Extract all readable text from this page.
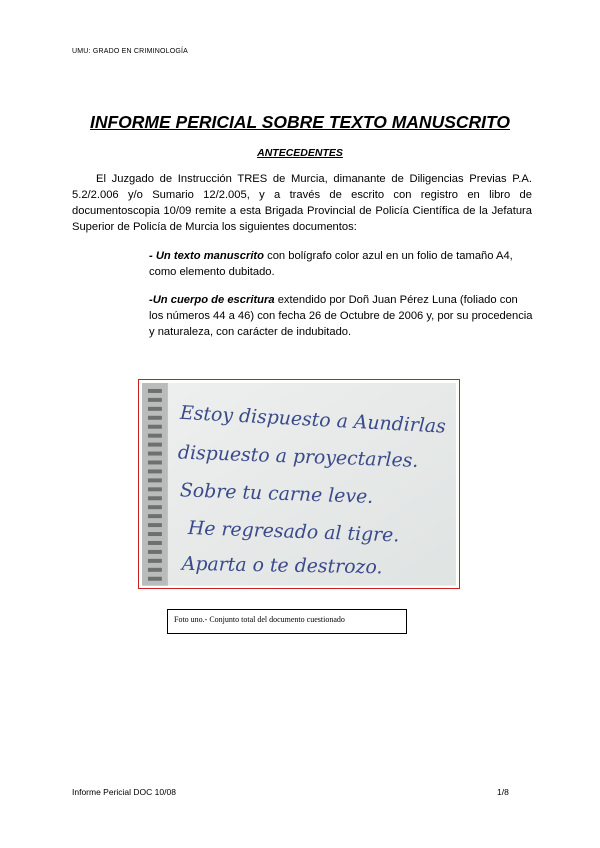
UMU: GRADO EN CRIMINOLOGÍA
INFORME PERICIAL SOBRE TEXTO MANUSCRITO
ANTECEDENTES

El Juzgado de Instrucción TRES de Murcia, dimanante de Diligencias Previas P.A. 5.2/2.006 y/o Sumario 12/2.005, y a través de escrito con registro en libro de documentoscopia 10/09 remite a esta Brigada Provincial de Policía Científica de la Jefatura Superior de Policía de Murcia los siguientes documentos:

- Un texto manuscrito con bolígrafo color azul en un folio de tamaño A4, como elemento dubitado.

-Un cuerpo de escritura extendido por Doñ Juan Pérez Luna (foliado con los números 44 a 46) con fecha 26 de Octubre de 2006 y, por su procedencia y naturaleza, con carácter de indubitado.

Estoy dispuesto a Aundirlas
dispuesto a proyectarles.
Sobre tu carne leve.
He regresado al tigre.
Aparta o te destrozo.
Foto uno.- Conjunto total del documento cuestionado
Informe Pericial DOC 10/08	1/8
